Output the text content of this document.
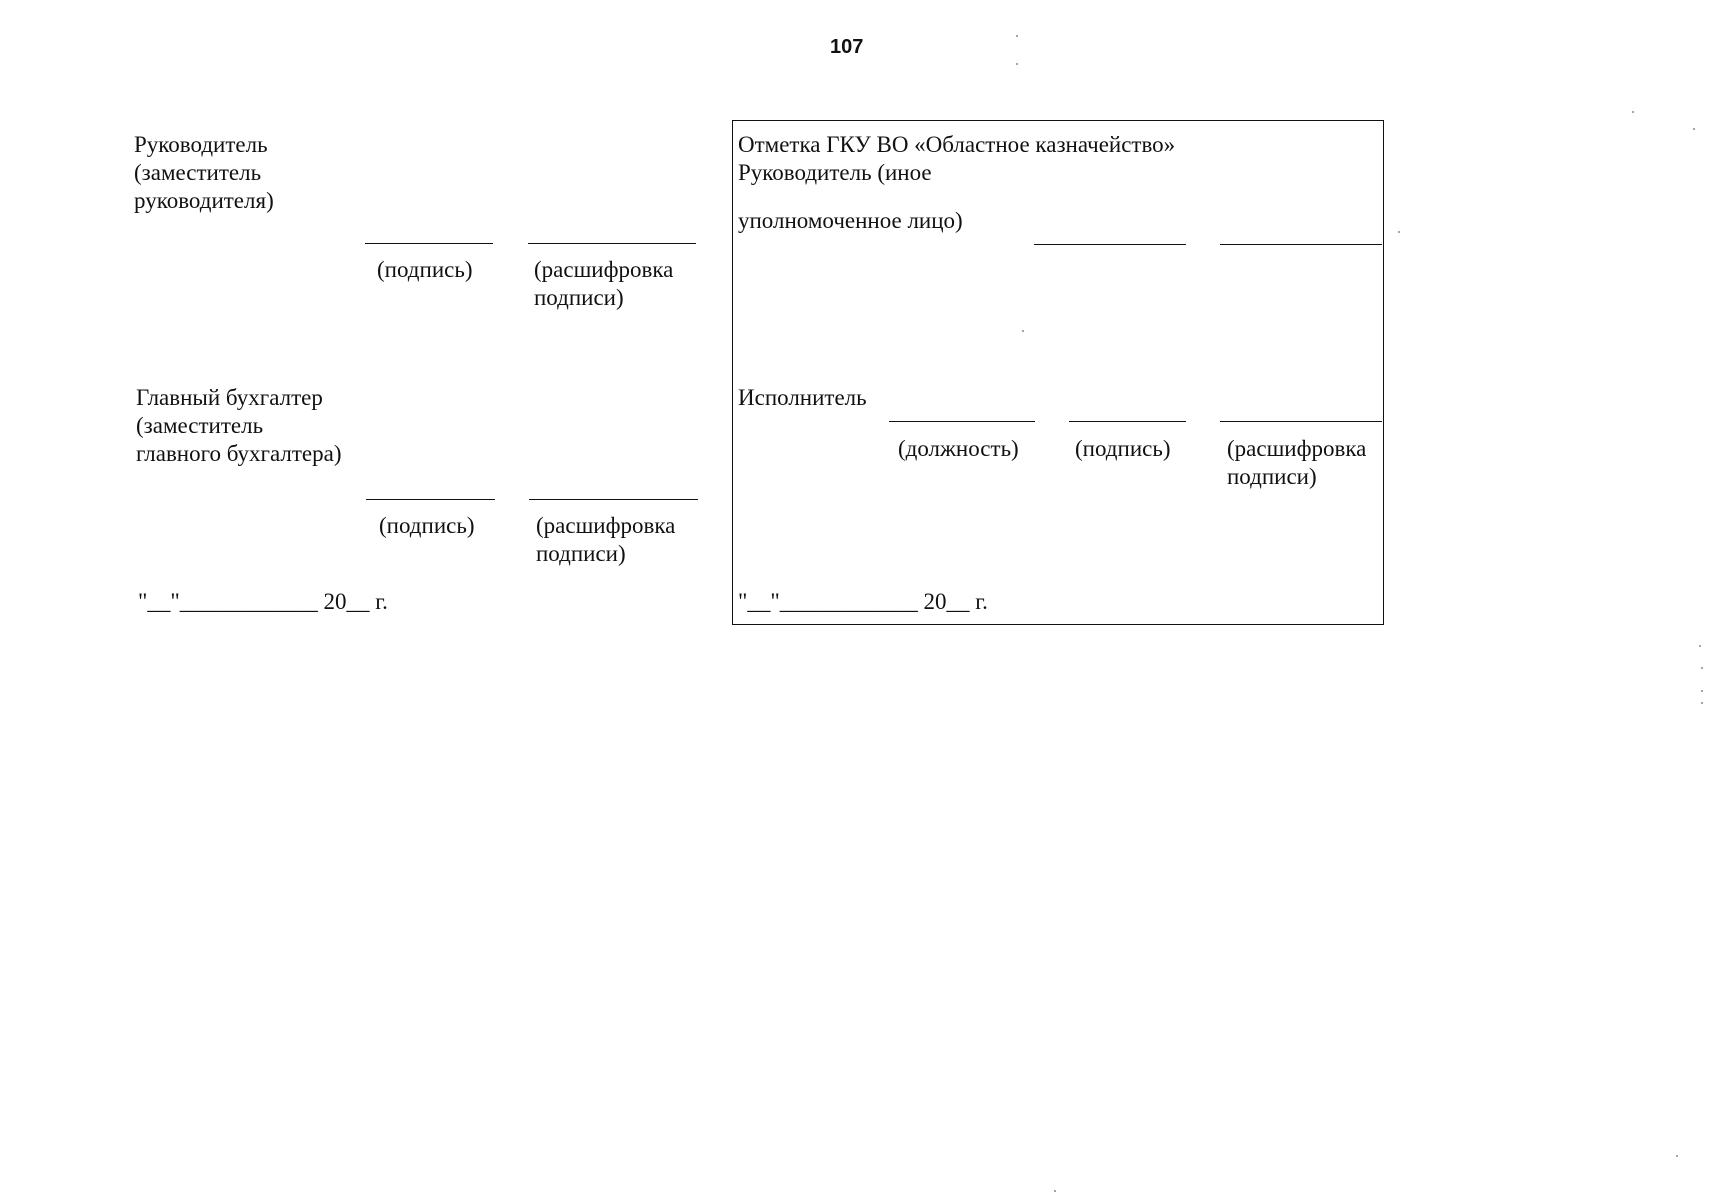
107
Руководитель
(заместитель
руководителя)
(подпись)	(расшифровка
подписи)
Главный бухгалтер
(заместитель
главного бухгалтера)
(подпись)	(расшифровка
подписи)
"__"____________ 20__ г.
Отметка ГКУ ВО «Областное казначейство»
Руководитель (иное
уполномоченное лицо)
Исполнитель
(должность) (подпись) (расшифровка
подписи)
"__"____________ 20__ г.
